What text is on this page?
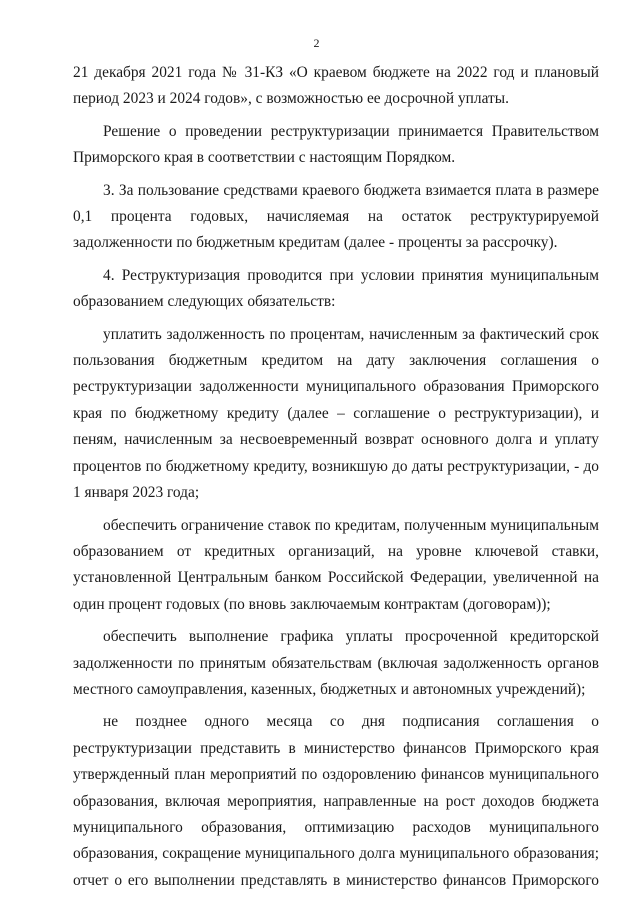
2

21 декабря 2021 года № 31-КЗ «О краевом бюджете на 2022 год и плановый период 2023 и 2024 годов», с возможностью ее досрочной уплаты.

Решение о проведении реструктуризации принимается Правительством Приморского края в соответствии с настоящим Порядком.

3. За пользование средствами краевого бюджета взимается плата в размере 0,1 процента годовых, начисляемая на остаток реструктурируемой задолженности по бюджетным кредитам (далее - проценты за рассрочку).

4. Реструктуризация проводится при условии принятия муниципальным образованием следующих обязательств:

уплатить задолженность по процентам, начисленным за фактический срок пользования бюджетным кредитом на дату заключения соглашения о реструктуризации задолженности муниципального образования Приморского края по бюджетному кредиту (далее – соглашение о реструктуризации), и пеням, начисленным за несвоевременный возврат основного долга и уплату процентов по бюджетному кредиту, возникшую до даты реструктуризации, - до 1 января 2023 года;

обеспечить ограничение ставок по кредитам, полученным муниципальным образованием от кредитных организаций, на уровне ключевой ставки, установленной Центральным банком Российской Федерации, увеличенной на один процент годовых (по вновь заключаемым контрактам (договорам));

обеспечить выполнение графика уплаты просроченной кредиторской задолженности по принятым обязательствам (включая задолженность органов местного самоуправления, казенных, бюджетных и автономных учреждений);

не позднее одного месяца со дня подписания соглашения о реструктуризации представить в министерство финансов Приморского края утвержденный план мероприятий по оздоровлению финансов муниципального образования, включая мероприятия, направленные на рост доходов бюджета муниципального образования, оптимизацию расходов муниципального образования, сокращение муниципального долга муниципального образования; отчет о его выполнении представлять в министерство финансов Приморского
